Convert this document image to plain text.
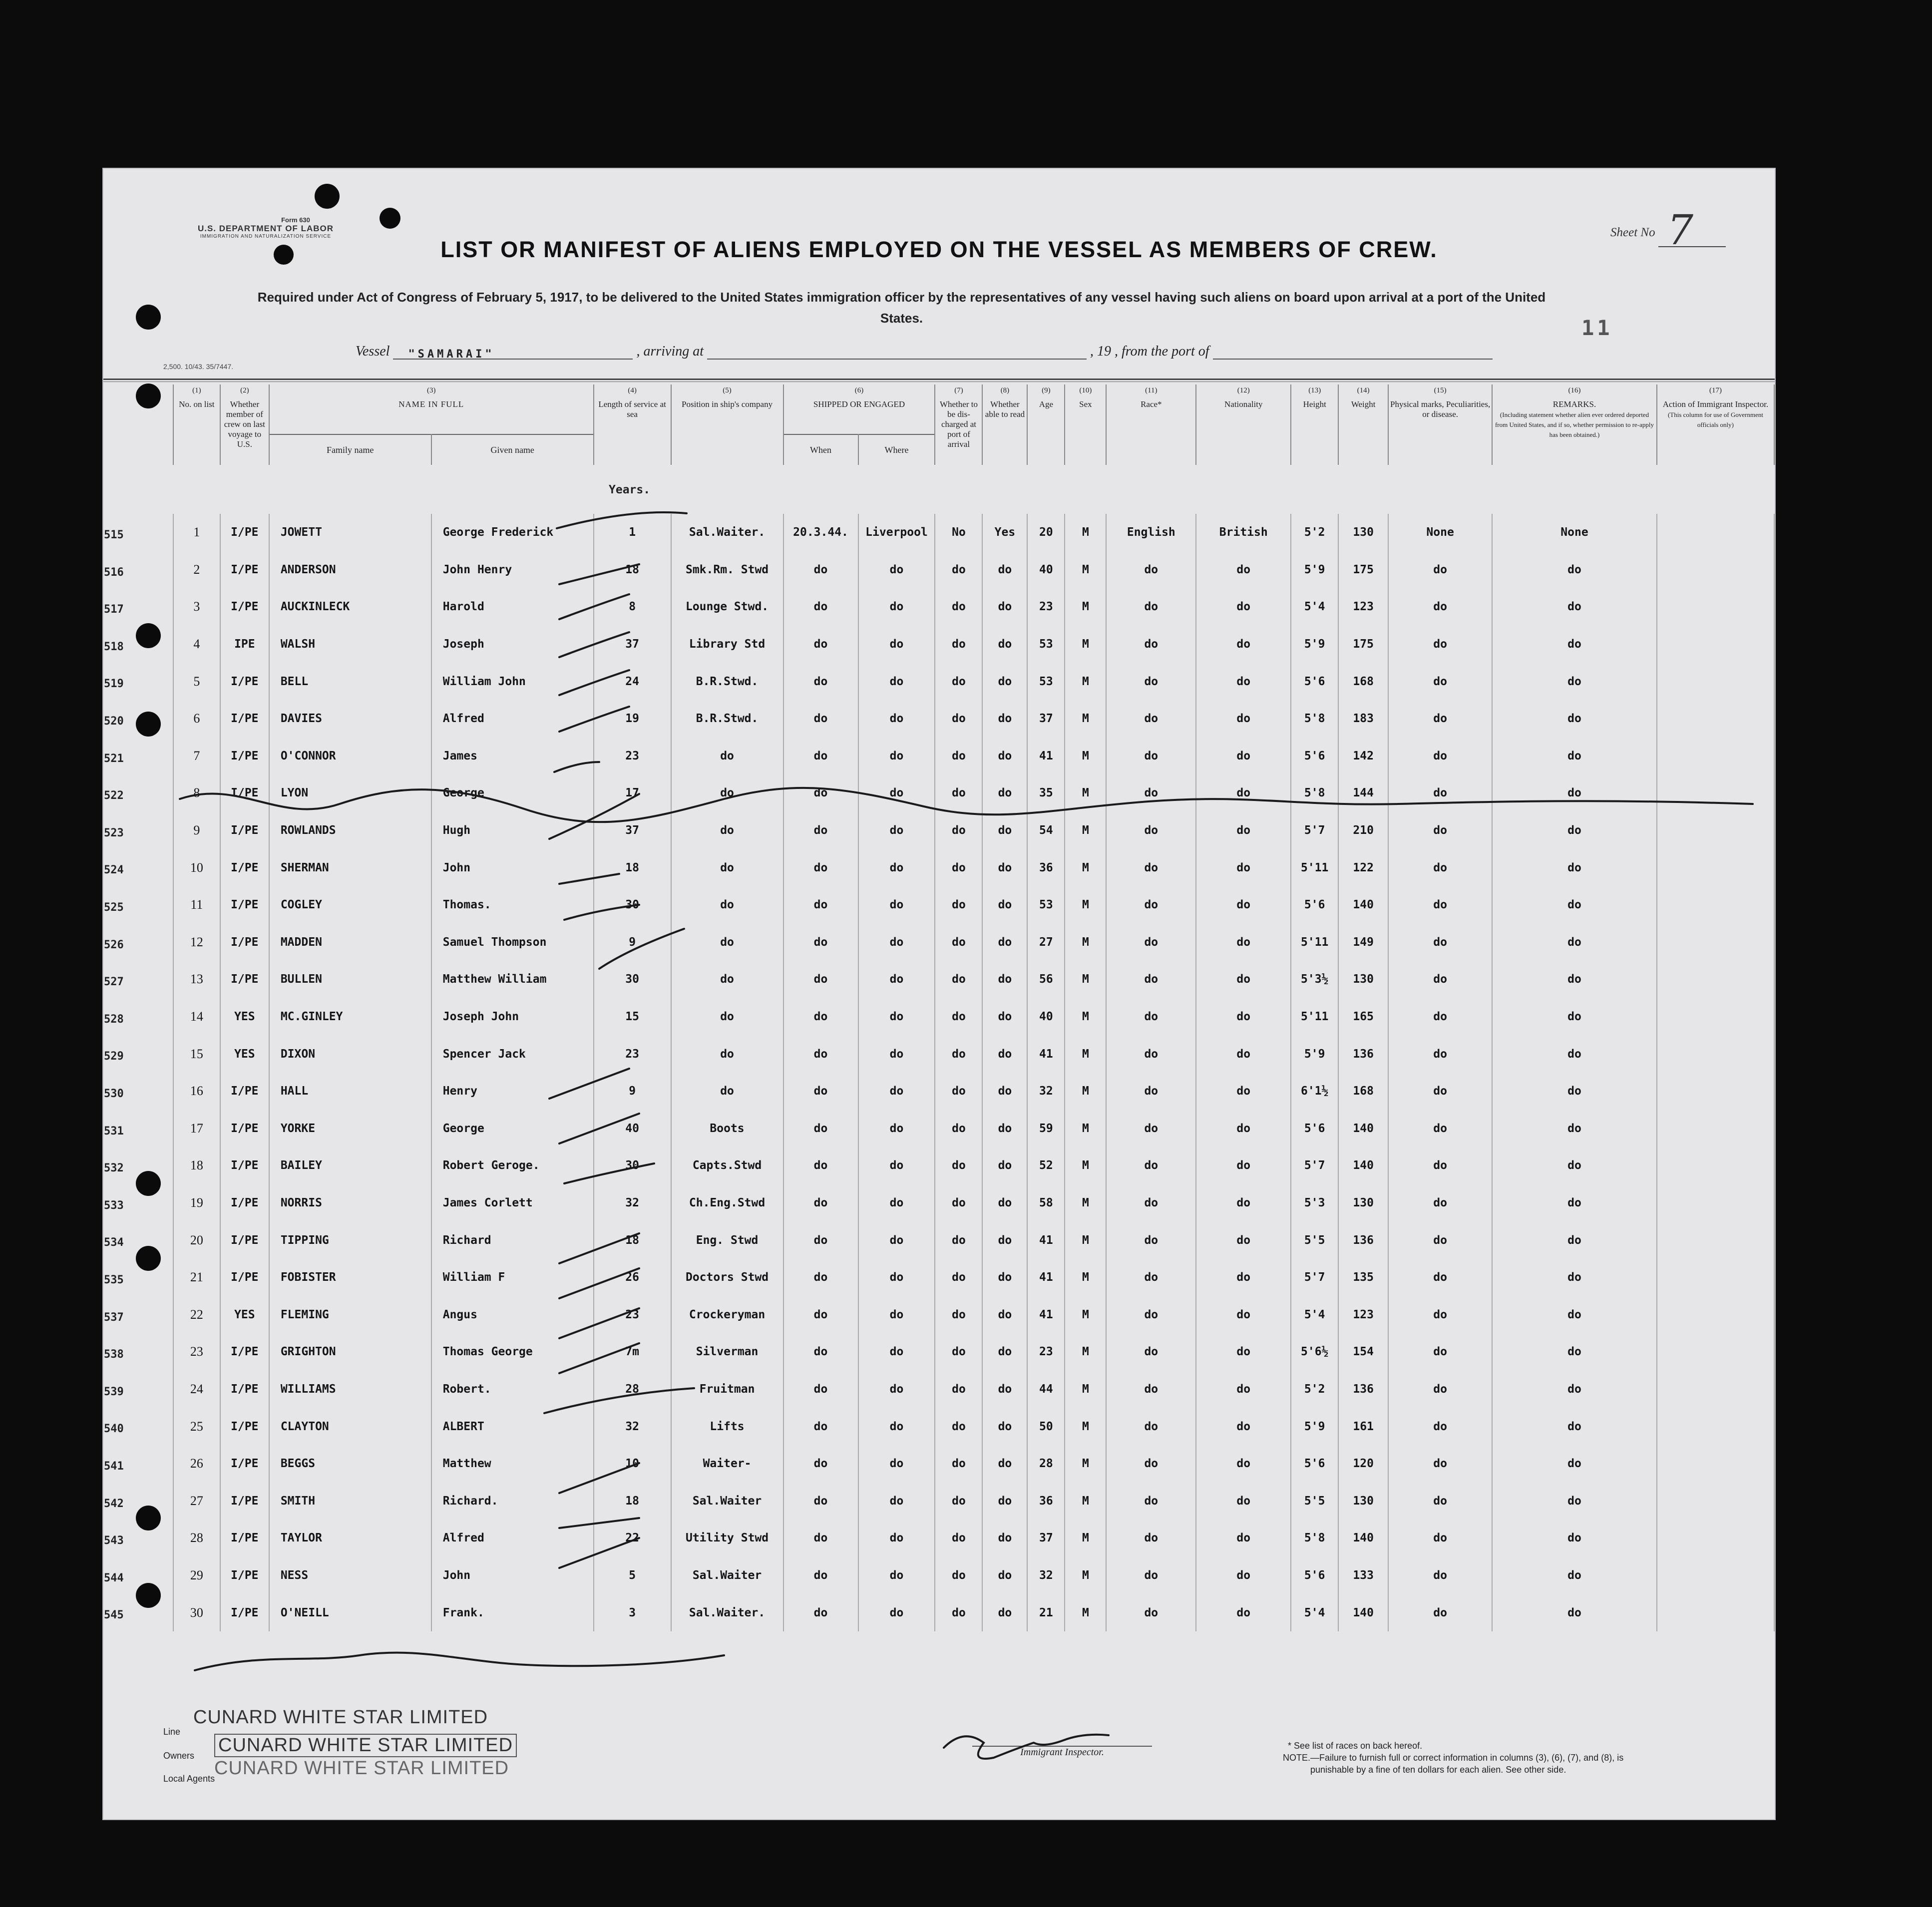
Form 630
U.S. DEPARTMENT OF LABOR
IMMIGRATION AND NATURALIZATION SERVICE
2,500. 10/43. 35/7447.
Sheet No 7
LIST OR MANIFEST OF ALIENS EMPLOYED ON THE VESSEL AS MEMBERS OF CREW.
Required under Act of Congress of February 5, 1917, to be delivered to the United States immigration officer by the representatives of any vessel having such aliens on board upon arrival at a port of the United States.	11
Vessel "SAMARAI"	, arriving at	, 19 , from the port of

	(1)
No. on list	(2)
Whether member of crew on last voyage to U.S.	(3)
NAME IN FULL		(4)
Length of service at sea	(5)
Position in ship's company	(6)
SHIPPED OR ENGAGED		(7)
Whether to be dis-charged at port of arrival	(8)
Whether able to read	(9)
Age	(10)
Sex	(11)
Race*	(12)
Nationality	(13)
Height	(14)
Weight	(15)
Physical marks, Peculiarities, or disease.	(16)
REMARKS.
(Including statement whether alien ever ordered deported from United States, and if so, whether permission to re-apply has been obtained.)	(17)
Action of Immigrant Inspector.
(This column for use of Government officials only)
			Family name	Given name			When	Where											

	1	I/PE	JOWETT	George Frederick	1	Sal.Waiter.	20.3.44.	Liverpool	No	Yes	20	M	English	British	5'2	130	None	None	
	2	I/PE	ANDERSON	John Henry	18	Smk.Rm. Stwd	do	do	do	do	40	M	do	do	5'9	175	do	do	
	3	I/PE	AUCKINLECK	Harold	8	Lounge Stwd.	do	do	do	do	23	M	do	do	5'4	123	do	do	
	4	IPE	WALSH	Joseph	37	Library Std	do	do	do	do	53	M	do	do	5'9	175	do	do	
	5	I/PE	BELL	William John	24	B.R.Stwd.	do	do	do	do	53	M	do	do	5'6	168	do	do	
	6	I/PE	DAVIES	Alfred	19	B.R.Stwd.	do	do	do	do	37	M	do	do	5'8	183	do	do	
	7	I/PE	O'CONNOR	James	23	do	do	do	do	do	41	M	do	do	5'6	142	do	do	
	8	I/PE	LYON	George	17	do	do	do	do	do	35	M	do	do	5'8	144	do	do	
	9	I/PE	ROWLANDS	Hugh	37	do	do	do	do	do	54	M	do	do	5'7	210	do	do	
	10	I/PE	SHERMAN	John	18	do	do	do	do	do	36	M	do	do	5'11	122	do	do	
	11	I/PE	COGLEY	Thomas.	30	do	do	do	do	do	53	M	do	do	5'6	140	do	do	
	12	I/PE	MADDEN	Samuel Thompson	9	do	do	do	do	do	27	M	do	do	5'11	149	do	do	
	13	I/PE	BULLEN	Matthew William	30	do	do	do	do	do	56	M	do	do	5'3½	130	do	do	
	14	YES	MC.GINLEY	Joseph John	15	do	do	do	do	do	40	M	do	do	5'11	165	do	do	
	15	YES	DIXON	Spencer Jack	23	do	do	do	do	do	41	M	do	do	5'9	136	do	do	
	16	I/PE	HALL	Henry	9	do	do	do	do	do	32	M	do	do	6'1½	168	do	do	
	17	I/PE	YORKE	George	40	Boots	do	do	do	do	59	M	do	do	5'6	140	do	do	
	18	I/PE	BAILEY	Robert Geroge.	30	Capts.Stwd	do	do	do	do	52	M	do	do	5'7	140	do	do	
	19	I/PE	NORRIS	James Corlett	32	Ch.Eng.Stwd	do	do	do	do	58	M	do	do	5'3	130	do	do	
	20	I/PE	TIPPING	Richard	18	Eng. Stwd	do	do	do	do	41	M	do	do	5'5	136	do	do	
	21	I/PE	FOBISTER	William F	26	Doctors Stwd	do	do	do	do	41	M	do	do	5'7	135	do	do	
	22	YES	FLEMING	Angus	23	Crockeryman	do	do	do	do	41	M	do	do	5'4	123	do	do	
	23	I/PE	GRIGHTON	Thomas George	7m	Silverman	do	do	do	do	23	M	do	do	5'6½	154	do	do	
	24	I/PE	WILLIAMS	Robert.	28	Fruitman	do	do	do	do	44	M	do	do	5'2	136	do	do	
	25	I/PE	CLAYTON	ALBERT	32	Lifts	do	do	do	do	50	M	do	do	5'9	161	do	do	
	26	I/PE	BEGGS	Matthew	10	Waiter-	do	do	do	do	28	M	do	do	5'6	120	do	do	
	27	I/PE	SMITH	Richard.	18	Sal.Waiter	do	do	do	do	36	M	do	do	5'5	130	do	do	
	28	I/PE	TAYLOR	Alfred	22	Utility Stwd	do	do	do	do	37	M	do	do	5'8	140	do	do	
	29	I/PE	NESS	John	5	Sal.Waiter	do	do	do	do	32	M	do	do	5'6	133	do	do	
	30	I/PE	O'NEILL	Frank.	3	Sal.Waiter.	do	do	do	do	21	M	do	do	5'4	140	do	do	
Years.
Line
Owners
Local Agents
CUNARD WHITE STAR LIMITED
CUNARD WHITE STAR LIMITED
CUNARD WHITE STAR LIMITED
Immigrant Inspector.
* See list of races on back hereof.
NOTE.—Failure to furnish full or correct information in columns (3), (6), (7), and (8), is
punishable by a fine of ten dollars for each alien. See other side.
515
516
517
518
519
520
521
522
523
524
525
526
527
528
529
530
531
532
533
534
535
537
538
539
540
541
542
543
544
545
